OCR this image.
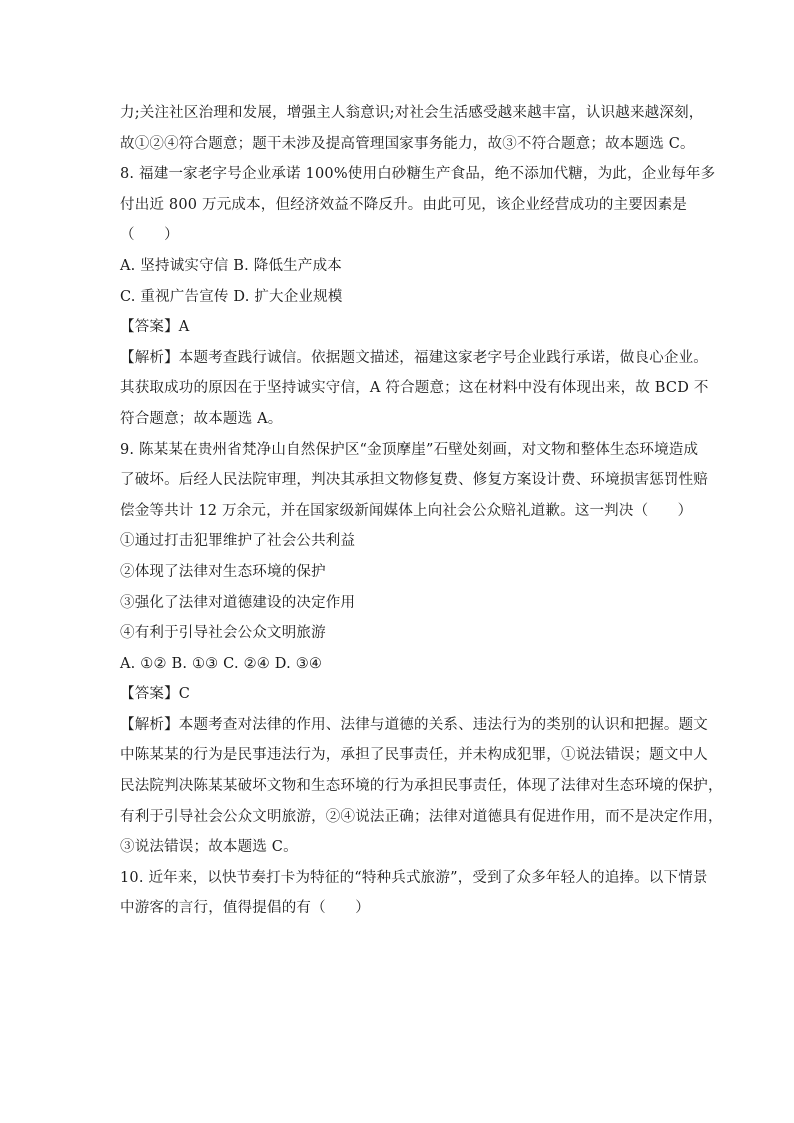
力;关注社区治理和发展，增强主人翁意识;对社会生活感受越来越丰富，认识越来越深刻，
故①②④符合题意；题干未涉及提高管理国家事务能力，故③不符合题意；故本题选 C。
8. 福建一家老字号企业承诺 100%使用白砂糖生产食品，绝不添加代糖，为此，企业每年多
付出近 800 万元成本，但经济效益不降反升。由此可见，该企业经营成功的主要因素是
（　　）
A. 坚持诚实守信 B. 降低生产成本
C. 重视广告宣传 D. 扩大企业规模
【答案】A
【解析】本题考查践行诚信。依据题文描述，福建这家老字号企业践行承诺，做良心企业。
其获取成功的原因在于坚持诚实守信，A 符合题意；这在材料中没有体现出来，故 BCD 不
符合题意；故本题选 A。
9. 陈某某在贵州省梵净山自然保护区“金顶摩崖”石壁处刻画，对文物和整体生态环境造成
了破坏。后经人民法院审理，判决其承担文物修复费、修复方案设计费、环境损害惩罚性赔
偿金等共计 12 万余元，并在国家级新闻媒体上向社会公众赔礼道歉。这一判决（　　）
①通过打击犯罪维护了社会公共利益
②体现了法律对生态环境的保护
③强化了法律对道德建设的决定作用
④有利于引导社会公众文明旅游
A. ①② B. ①③ C. ②④ D. ③④
【答案】C
【解析】本题考查对法律的作用、法律与道德的关系、违法行为的类别的认识和把握。题文
中陈某某的行为是民事违法行为，承担了民事责任，并未构成犯罪，①说法错误；题文中人
民法院判决陈某某破坏文物和生态环境的行为承担民事责任，体现了法律对生态环境的保护，
有利于引导社会公众文明旅游，②④说法正确；法律对道德具有促进作用，而不是决定作用，
③说法错误；故本题选 C。
10. 近年来，以快节奏打卡为特征的“特种兵式旅游”，受到了众多年轻人的追捧。以下情景
中游客的言行，值得提倡的有（　　）
